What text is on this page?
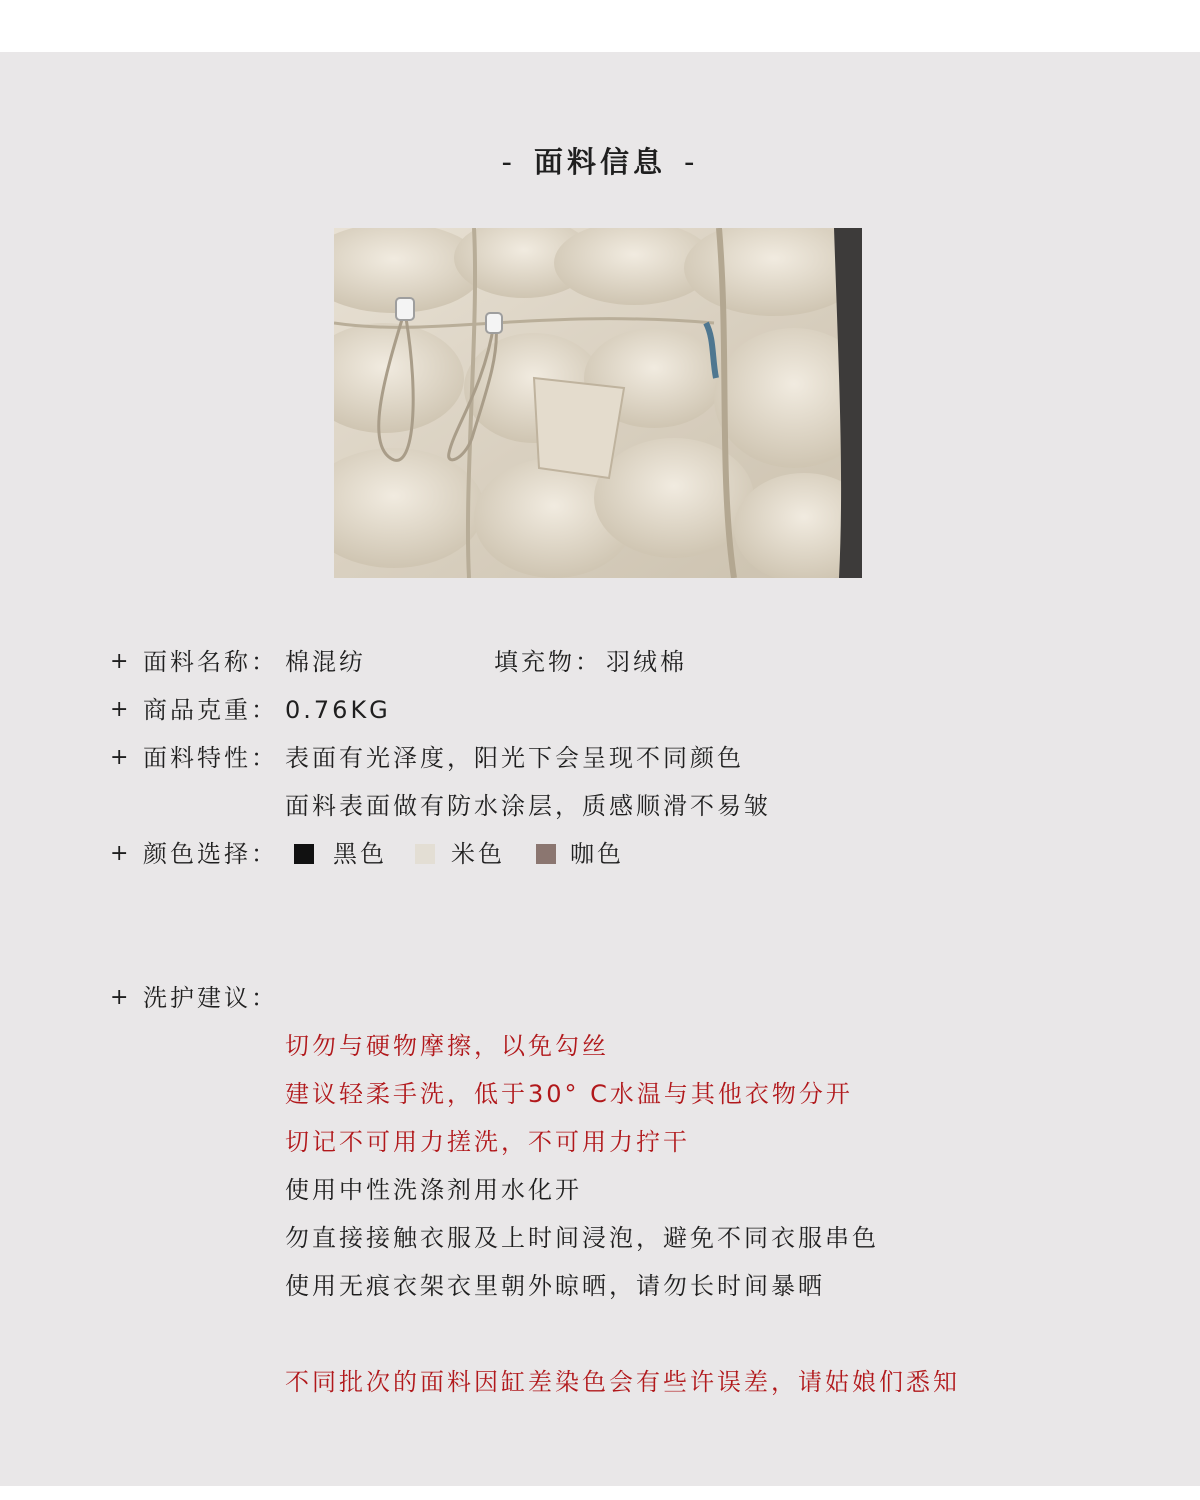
- 面料信息 -
+ 面料名称： 棉混纺	填充物： 羽绒棉
+ 商品克重： 0.76KG
+ 面料特性： 表面有光泽度，阳光下会呈现不同颜色
面料表面做有防水涂层，质感顺滑不易皱
+ 颜色选择： 黑色	米色	咖色
+ 洗护建议：
切勿与硬物摩擦，以免勾丝
建议轻柔手洗，低于30° C水温与其他衣物分开
切记不可用力搓洗，不可用力拧干
使用中性洗涤剂用水化开
勿直接接触衣服及上时间浸泡，避免不同衣服串色
使用无痕衣架衣里朝外晾晒，请勿长时间暴晒
不同批次的面料因缸差染色会有些许误差，请姑娘们悉知
